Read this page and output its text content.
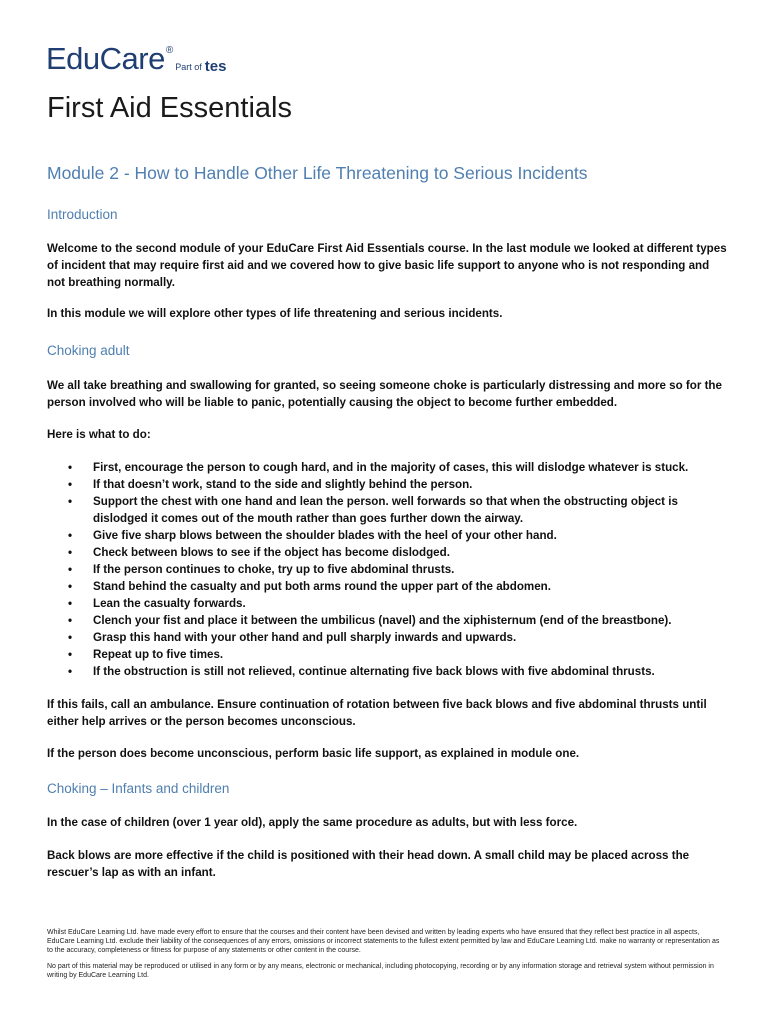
EduCare ®
Part of tes
First Aid Essentials
Module 2 - How to Handle Other Life Threatening to Serious Incidents
Introduction

Welcome to the second module of your EduCare First Aid Essentials course. In the last module we looked at different types of incident that may require first aid and we covered how to give basic life support to anyone who is not responding and not breathing normally.

In this module we will explore other types of life threatening and serious incidents.

Choking adult

We all take breathing and swallowing for granted, so seeing someone choke is particularly distressing and more so for the person involved who will be liable to panic, potentially causing the object to become further embedded.

Here is what to do:

• First, encourage the person to cough hard, and in the majority of cases, this will dislodge whatever is stuck.
• If that doesn’t work, stand to the side and slightly behind the person.
• Support the chest with one hand and lean the person. well forwards so that when the obstructing object is dislodged it comes out of the mouth rather than goes further down the airway.
• Give five sharp blows between the shoulder blades with the heel of your other hand.
• Check between blows to see if the object has become dislodged.
• If the person continues to choke, try up to five abdominal thrusts.
• Stand behind the casualty and put both arms round the upper part of the abdomen.
• Lean the casualty forwards.
• Clench your fist and place it between the umbilicus (navel) and the xiphisternum (end of the breastbone).
• Grasp this hand with your other hand and pull sharply inwards and upwards.
• Repeat up to five times.
• If the obstruction is still not relieved, continue alternating five back blows with five abdominal thrusts.

If this fails, call an ambulance. Ensure continuation of rotation between five back blows and five abdominal thrusts until either help arrives or the person becomes unconscious.

If the person does become unconscious, perform basic life support, as explained in module one.

Choking – Infants and children

In the case of children (over 1 year old), apply the same procedure as adults, but with less force.

Back blows are more effective if the child is positioned with their head down. A small child may be placed across the rescuer’s lap as with an infant.

Whilst EduCare Learning Ltd. have made every effort to ensure that the courses and their content have been devised and written by leading experts who have ensured that they reflect best practice in all aspects, EduCare Learning Ltd. exclude their liability of the consequences of any errors, omissions or incorrect statements to the fullest extent permitted by law and EduCare Learning Ltd. make no warranty or representation as to the accuracy, completeness or fitness for purpose of any statements or other content in the course.

No part of this material may be reproduced or utilised in any form or by any means, electronic or mechanical, including photocopying, recording or by any information storage and retrieval system without permission in writing by EduCare Learning Ltd.
